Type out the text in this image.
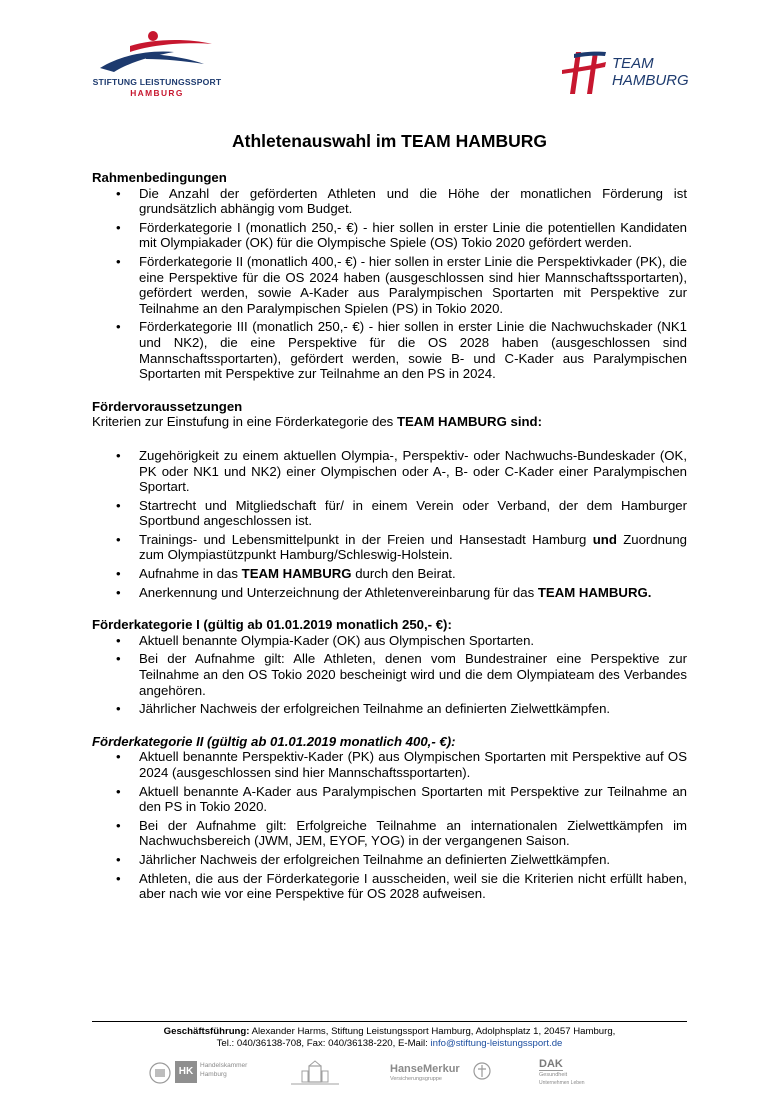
STIFTUNG LEISTUNGSSPORT
HAMBURG
TEAM
HAMBURG
Athletenauswahl im TEAM HAMBURG
Rahmenbedingungen
• Die Anzahl der geförderten Athleten und die Höhe der monatlichen Förderung ist grundsätzlich abhängig vom Budget.
• Förderkategorie I (monatlich 250,- €) - hier sollen in erster Linie die potentiellen Kandidaten mit Olympiakader (OK) für die Olympische Spiele (OS) Tokio 2020 gefördert werden.
• Förderkategorie II (monatlich 400,- €) - hier sollen in erster Linie die Perspektivkader (PK), die eine Perspektive für die OS 2024 haben (ausgeschlossen sind hier Mannschaftssportarten), gefördert werden, sowie A-Kader aus Paralympischen Sportarten mit Perspektive zur Teilnahme an den Paralympischen Spielen (PS) in Tokio 2020.
• Förderkategorie III (monatlich 250,- €) - hier sollen in erster Linie die Nachwuchskader (NK1 und NK2), die eine Perspektive für die OS 2028 haben (ausgeschlossen sind Mannschaftssportarten), gefördert werden, sowie B- und C-Kader aus Paralympischen Sportarten mit Perspektive zur Teilnahme an den PS in 2024.
Fördervoraussetzungen

Kriterien zur Einstufung in eine Förderkategorie des TEAM HAMBURG sind:

• Zugehörigkeit zu einem aktuellen Olympia-, Perspektiv- oder Nachwuchs-Bundeskader (OK, PK oder NK1 und NK2) einer Olympischen oder A-, B- oder C-Kader einer Paralympischen Sportart.
• Startrecht und Mitgliedschaft für/ in einem Verein oder Verband, der dem Hamburger Sportbund angeschlossen ist.
• Trainings- und Lebensmittelpunkt in der Freien und Hansestadt Hamburg und Zuordnung zum Olympiastützpunkt Hamburg/Schleswig-Holstein.
• Aufnahme in das TEAM HAMBURG durch den Beirat.
• Anerkennung und Unterzeichnung der Athletenvereinbarung für das TEAM HAMBURG.
Förderkategorie I (gültig ab 01.01.2019 monatlich 250,- €):
• Aktuell benannte Olympia-Kader (OK) aus Olympischen Sportarten.
• Bei der Aufnahme gilt: Alle Athleten, denen vom Bundestrainer eine Perspektive zur Teilnahme an den OS Tokio 2020 bescheinigt wird und die dem Olympiateam des Verbandes angehören.
• Jährlicher Nachweis der erfolgreichen Teilnahme an definierten Zielwettkämpfen.
Förderkategorie II (gültig ab 01.01.2019 monatlich 400,- €):
• Aktuell benannte Perspektiv-Kader (PK) aus Olympischen Sportarten mit Perspektive auf OS 2024 (ausgeschlossen sind hier Mannschaftssportarten).
• Aktuell benannte A-Kader aus Paralympischen Sportarten mit Perspektive zur Teilnahme an den PS in Tokio 2020.
• Bei der Aufnahme gilt: Erfolgreiche Teilnahme an internationalen Zielwettkämpfen im Nachwuchsbereich (JWM, JEM, EYOF, YOG) in der vergangenen Saison.
• Jährlicher Nachweis der erfolgreichen Teilnahme an definierten Zielwettkämpfen.
• Athleten, die aus der Förderkategorie I ausscheiden, weil sie die Kriterien nicht erfüllt haben, aber nach wie vor eine Perspektive für OS 2028 aufweisen.
Geschäftsführung: Alexander Harms, Stiftung Leistungssport Hamburg, Adolphsplatz 1, 20457 Hamburg,
Tel.: 040/36138-708, Fax: 040/36138-220, E-Mail: info@stiftung-leistungssport.de
HK
Handelskammer
Hamburg	HanseMerkur
Versicherungsgruppe
DAK
Gesundheit
Unternehmen Leben
